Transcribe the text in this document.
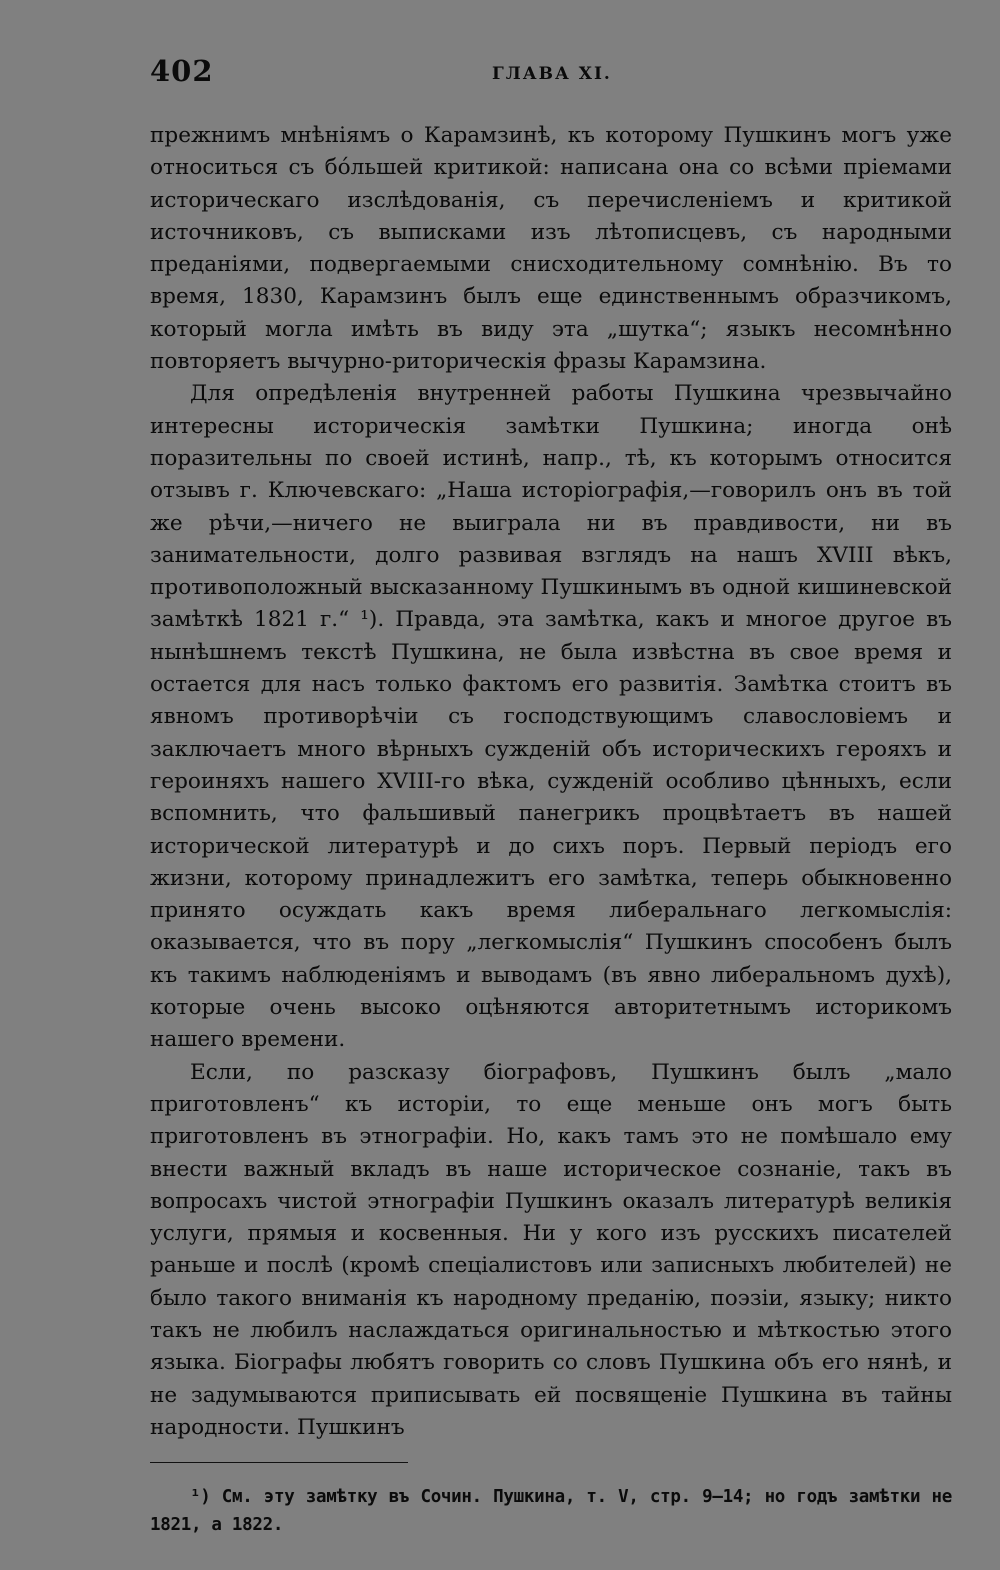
402	ГЛАВА XI.

прежнимъ мнѣніямъ о Карамзинѣ, къ которому Пушкинъ могъ уже относиться съ бóльшей критикой: написана она со всѣми пріемами историческаго изслѣдованія, съ перечисленіемъ и критикой источниковъ, съ выписками изъ лѣтописцевъ, съ народными преданіями, подвергаемыми снисходительному сомнѣнію. Въ то время, 1830, Карамзинъ былъ еще единственнымъ образчикомъ, который могла имѣть въ виду эта „шутка“; языкъ несомнѣнно повторяетъ вычурно-риторическія фразы Карамзина.

Для опредѣленія внутренней работы Пушкина чрезвычайно интересны историческія замѣтки Пушкина; иногда онѣ поразительны по своей истинѣ, напр., тѣ, къ которымъ относится отзывъ г. Ключевскаго: „Наша исторіографія,—говорилъ онъ въ той же рѣчи,—ничего не выиграла ни въ правдивости, ни въ занимательности, долго развивая взглядъ на нашъ XVIII вѣкъ, противоположный высказанному Пушкинымъ въ одной кишиневской замѣткѣ 1821 г.“ ¹). Правда, эта замѣтка, какъ и многое другое въ нынѣшнемъ текстѣ Пушкина, не была извѣстна въ свое время и остается для насъ только фактомъ его развитія. Замѣтка стоитъ въ явномъ противорѣчіи съ господствующимъ славословіемъ и заключаетъ много вѣрныхъ сужденій объ историческихъ герояхъ и героиняхъ нашего XVIII-го вѣка, сужденій особливо цѣнныхъ, если вспомнить, что фальшивый панегрикъ процвѣтаетъ въ нашей исторической литературѣ и до сихъ поръ. Первый періодъ его жизни, которому принадлежитъ его замѣтка, теперь обыкновенно принято осуждать какъ время либеральнаго легкомыслія: оказывается, что въ пору „легкомыслія“ Пушкинъ способенъ былъ къ такимъ наблюденіямъ и выводамъ (въ явно либеральномъ духѣ), которые очень высоко оцѣняются авторитетнымъ историкомъ нашего времени.

Если, по разсказу біографовъ, Пушкинъ былъ „мало приготовленъ“ къ исторіи, то еще меньше онъ могъ быть приготовленъ въ этнографіи. Но, какъ тамъ это не помѣшало ему внести важный вкладъ въ наше историческое сознаніе, такъ въ вопросахъ чистой этнографіи Пушкинъ оказалъ литературѣ великія услуги, прямыя и косвенныя. Ни у кого изъ русскихъ писателей раньше и послѣ (кромѣ спеціалистовъ или записныхъ любителей) не было такого вниманія къ народному преданію, поэзіи, языку; никто такъ не любилъ наслаждаться оригинальностью и мѣткостью этого языка. Біографы любятъ говорить со словъ Пушкина объ его нянѣ, и не задумываются приписывать ей посвященіе Пушкина въ тайны народности. Пушкинъ

¹) См. эту замѣтку въ Сочин. Пушкина, т. V, стр. 9—14; но годъ замѣтки не 1821, а 1822.
